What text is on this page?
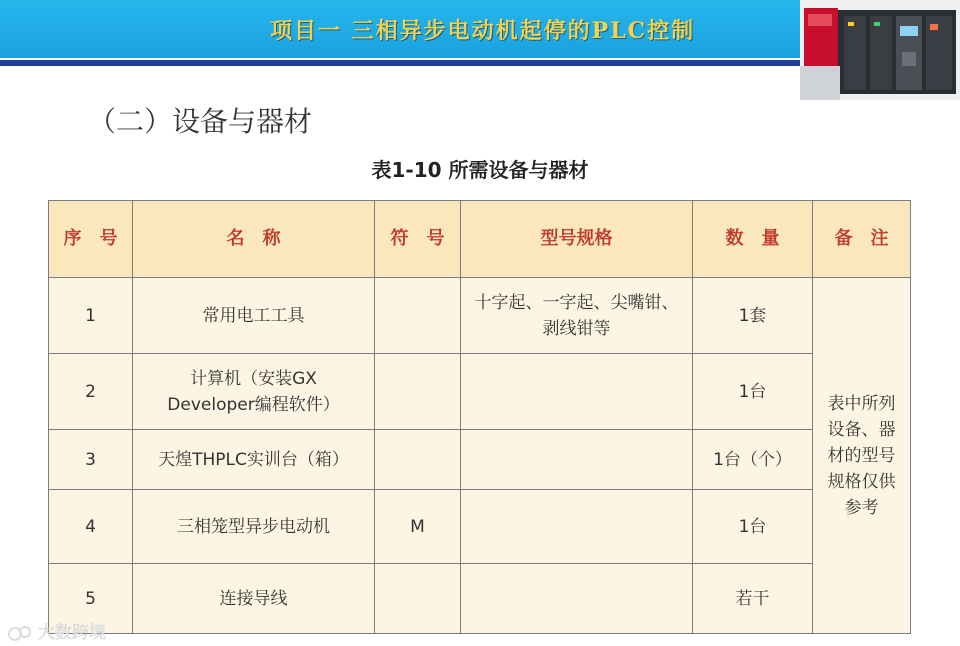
项目一 三相异步电动机起停的PLC控制
（二）设备与器材
表1-10 所需设备与器材
序　号	名　称	符　号	型号规格	数　量	备　注
1	常用电工工具		十字起、一字起、尖嘴钳、剥线钳等	1套	表中所列设备、器材的型号规格仅供参考
2	计算机（安装GX Developer编程软件）			1台	
3	天煌THPLC实训台（箱）			1台（个）	
4	三相笼型异步电动机	M		1台	
5	连接导线			若干	
大数跨境
